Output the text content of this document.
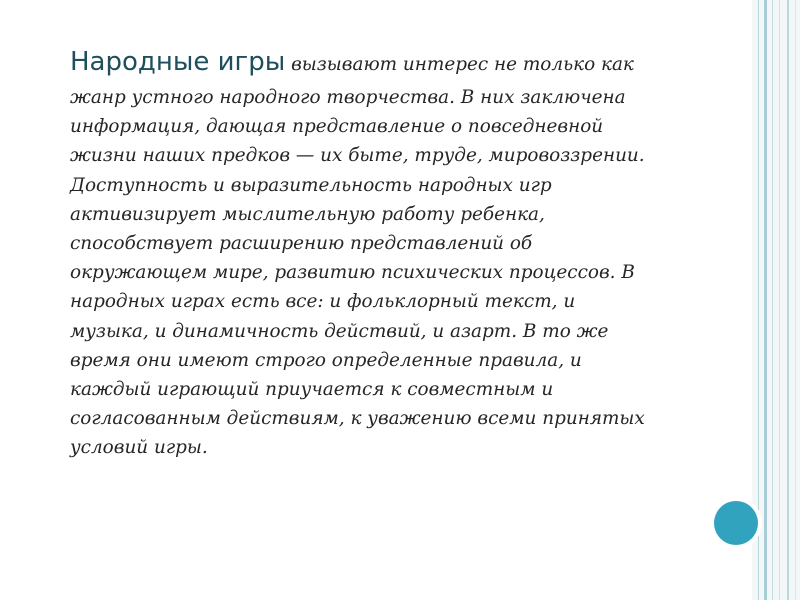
Народные игры вызывают интерес не только как
жанр устного народного творчества. В них заключена
информация, дающая представление о повседневной
жизни наших предков — их быте, труде, мировоззрении.
Доступность и выразительность народных игр
активизирует мыслительную работу ребенка,
способствует расширению представлений об
окружающем мире, развитию психических процессов. В
народных играх есть все: и фольклорный текст, и
музыка, и динамичность действий, и азарт. В то же
время они имеют строго определенные правила, и
каждый играющий приучается к совместным и
согласованным действиям, к уважению всеми принятых
условий игры.
